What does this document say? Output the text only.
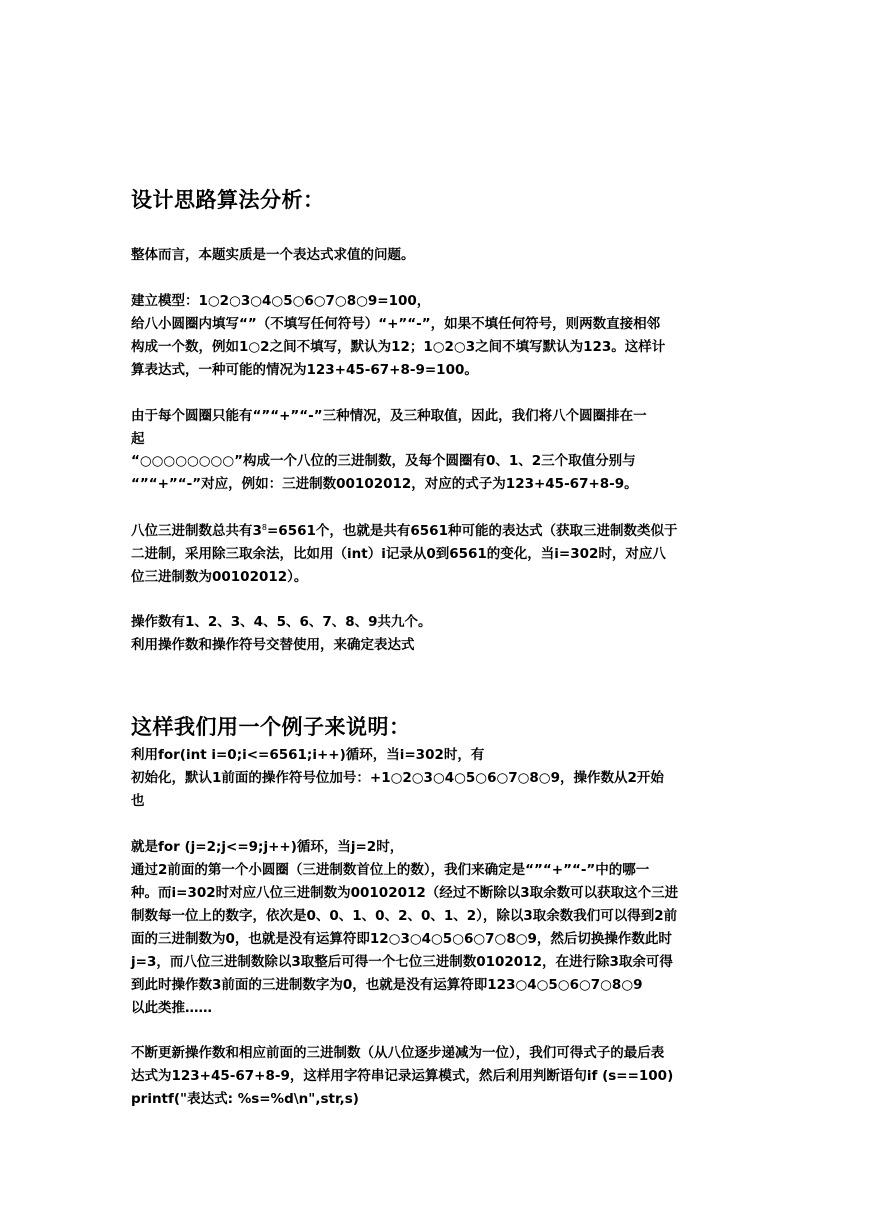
设计思路算法分析：
整体而言，本题实质是一个表达式求值的问题。
建立模型：1○2○3○4○5○6○7○8○9=100，
给八小圆圈内填写“”（不填写任何符号）“+”“-”，如果不填任何符号，则两数直接相邻
构成一个数，例如1○2之间不填写，默认为12；1○2○3之间不填写默认为123。这样计
算表达式，一种可能的情况为123+45-67+8-9=100。
由于每个圆圈只能有“”“+”“-”三种情况，及三种取值，因此，我们将八个圆圈排在一
起
“○○○○○○○○”构成一个八位的三进制数，及每个圆圈有0、1、2三个取值分别与
“”“+”“-”对应，例如：三进制数00102012，对应的式子为123+45-67+8-9。
八位三进制数总共有$3^8=6561$个，也就是共有6561种可能的表达式（获取三进制数类似于
二进制，采用除三取余法，比如用（int）i记录从0到6561的变化，当i=302时，对应八
位三进制数为00102012）。
操作数有1、2、3、4、5、6、7、8、9共九个。
利用操作数和操作符号交替使用，来确定表达式
这样我们用一个例子来说明：
利用for(int i=0;i<=6561;i++)循环，当i=302时，有
初始化，默认1前面的操作符号位加号：+1○2○3○4○5○6○7○8○9，操作数从2开始
也
就是for (j=2;j<=9;j++)循环，当j=2时，
通过2前面的第一个小圆圈（三进制数首位上的数），我们来确定是“”“+”“-”中的哪一
种。而i=302时对应八位三进制数为00102012（经过不断除以3取余数可以获取这个三进
制数每一位上的数字，依次是0、0、1、0、2、0、1、2），除以3取余数我们可以得到2前
面的三进制数为0，也就是没有运算符即12○3○4○5○6○7○8○9，然后切换操作数此时
j=3，而八位三进制数除以3取整后可得一个七位三进制数0102012，在进行除3取余可得
到此时操作数3前面的三进制数字为0，也就是没有运算符即123○4○5○6○7○8○9
以此类推……
不断更新操作数和相应前面的三进制数（从八位逐步递减为一位），我们可得式子的最后表
达式为123+45-67+8-9，这样用字符串记录运算模式，然后利用判断语句if (s==100)
printf("表达式: %s=%d\n",str,s)
